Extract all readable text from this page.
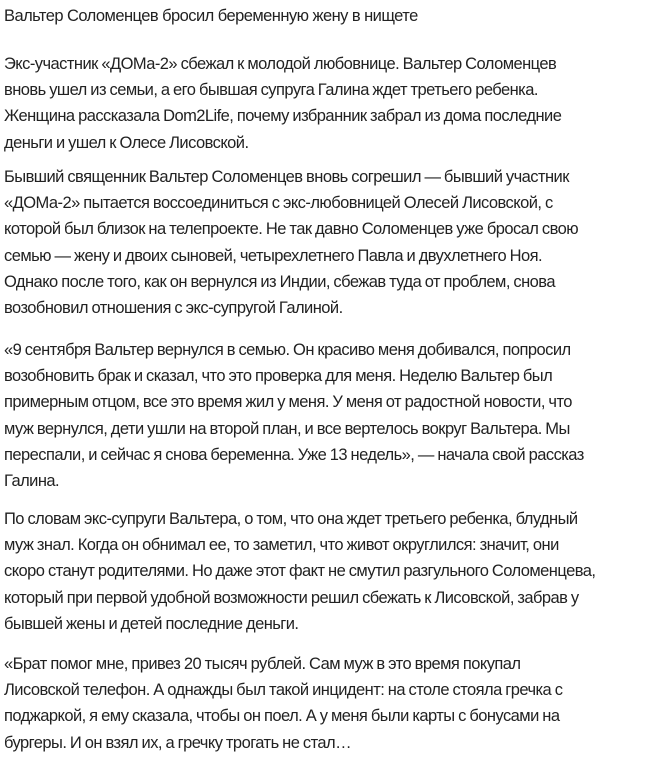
Вальтер Соломенцев бросил беременную жену в нищете

Экс-участник «ДОМа-2» сбежал к молодой любовнице. Вальтер Соломенцев
вновь ушел из семьи, а его бывшая супруга Галина ждет третьего ребенка.
Женщина рассказала Dom2Life, почему избранник забрал из дома последние
деньги и ушел к Олесе Лисовской.

Бывший священник Вальтер Соломенцев вновь согрешил — бывший участник
«ДОМа-2» пытается воссоединиться с экс-любовницей Олесей Лисовской, с
которой был близок на телепроекте. Не так давно Соломенцев уже бросал свою
семью — жену и двоих сыновей, четырехлетнего Павла и двухлетнего Ноя.
Однако после того, как он вернулся из Индии, сбежав туда от проблем, снова
возобновил отношения с экс-супругой Галиной.

«9 сентября Вальтер вернулся в семью. Он красиво меня добивался, попросил
возобновить брак и сказал, что это проверка для меня. Неделю Вальтер был
примерным отцом, все это время жил у меня. У меня от радостной новости, что
муж вернулся, дети ушли на второй план, и все вертелось вокруг Вальтера. Мы
переспали, и сейчас я снова беременна. Уже 13 недель», — начала свой рассказ
Галина.

По словам экс-супруги Вальтера, о том, что она ждет третьего ребенка, блудный
муж знал. Когда он обнимал ее, то заметил, что живот округлился: значит, они
скоро станут родителями. Но даже этот факт не смутил разгульного Соломенцева,
который при первой удобной возможности решил сбежать к Лисовской, забрав у
бывшей жены и детей последние деньги.

«Брат помог мне, привез 20 тысяч рублей. Сам муж в это время покупал
Лисовской телефон. А однажды был такой инцидент: на столе стояла гречка с
поджаркой, я ему сказала, чтобы он поел. А у меня были карты с бонусами на
бургеры. И он взял их, а гречку трогать не стал…
